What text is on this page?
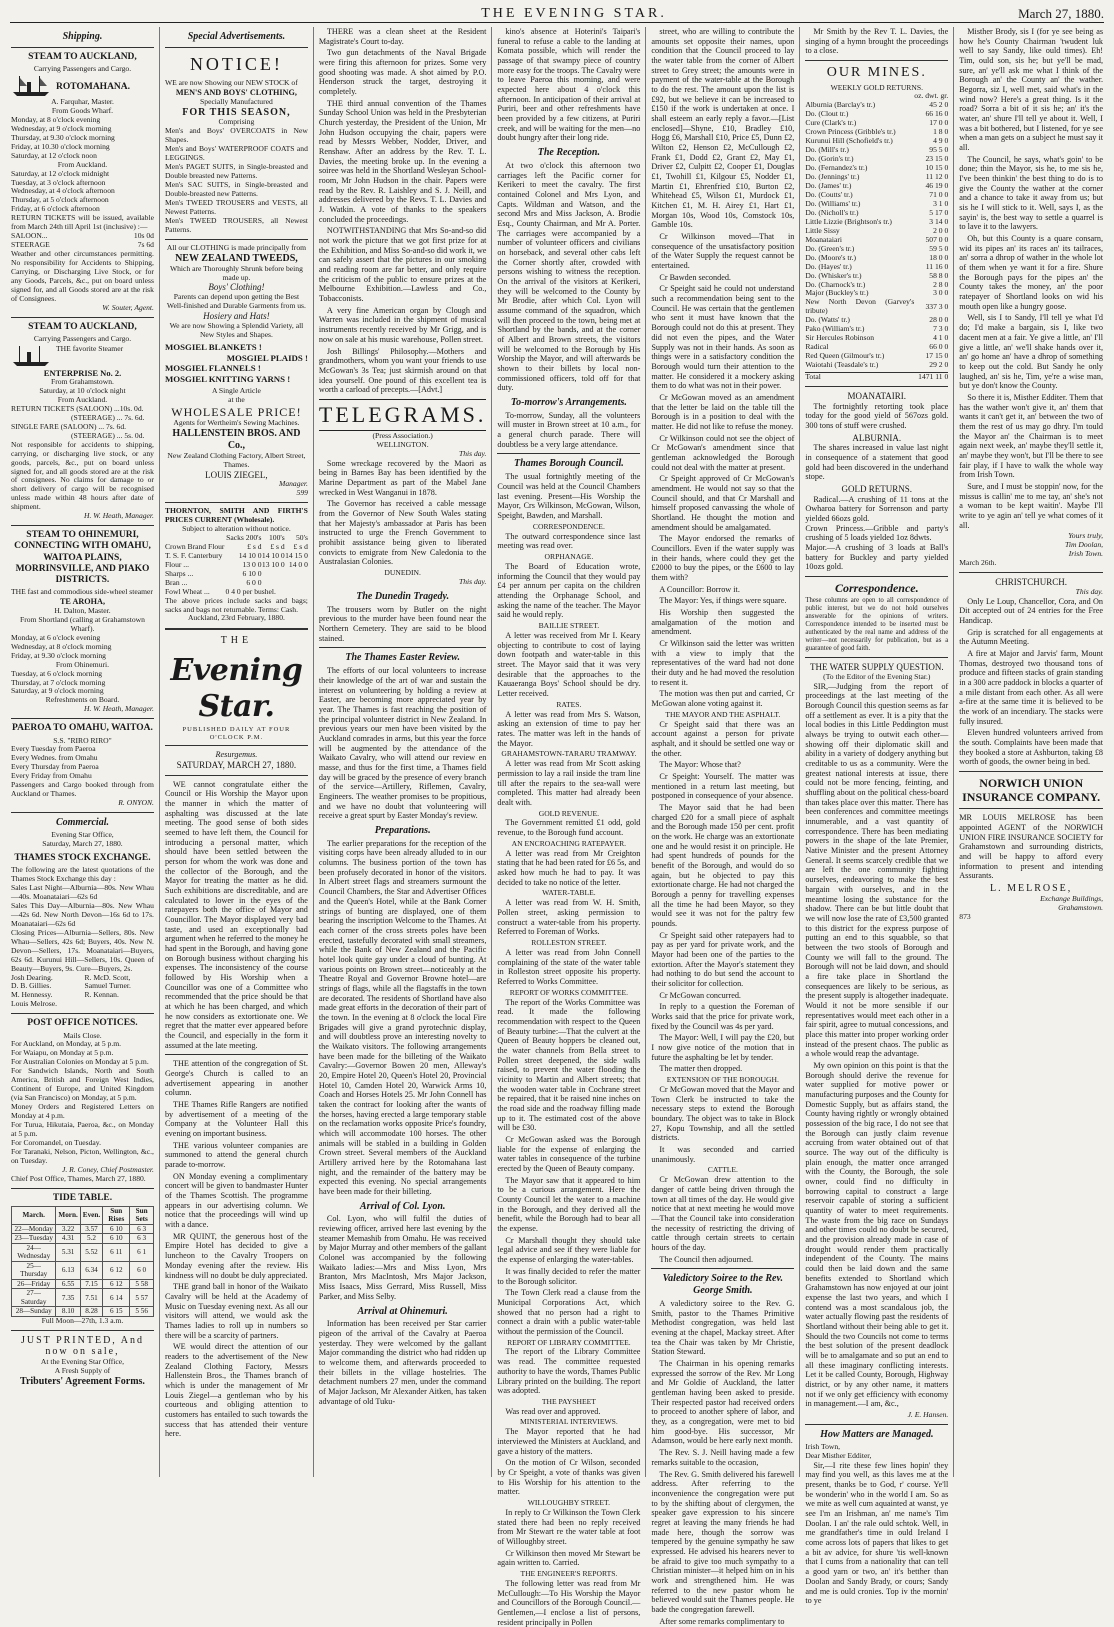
THE EVENING STAR.	March 27, 1880.
Shipping.
STEAM TO AUCKLAND,
Carrying Passengers and Cargo.
ROTOMAHANA.
A. Farquhar, Master.
From Goods Wharf.
Monday, at 8 o'clock evening
Wednesday, at 9 o'clock morning
Thursday, at 9.30 o'clock morning
Friday, at 10.30 o'clock morning
Saturday, at 12 o'clock noon
From Auckland.
Saturday, at 12 o'clock midnight
Tuesday, at 3 o'clock afternoon
Wednesday, at 4 o'clock afternoon
Thursday, at 5 o'clock afternoon
Friday, at 6 o'clock afternoon
RETURN TICKETS will be issued, available from March 24th till April 1st (inclusive) :—
SALOON...	10s 0d
STEERAGE	7s 6d
Weather and other circumstances permitting. No responsibility for Accidents to Shipping, Carrying, or Discharging Live Stock, or for any Goods, Parcels, &c., put on board unless signed for, and all Goods stored are at the risk of Consignees.
W. Souter, Agent.
STEAM TO AUCKLAND,
Carrying Passengers and Cargo.
THE favorite Steamer
ENTERPRISE No. 2.
From Grahamstown.
Saturday, at 10 o'clock night
From Auckland.
RETURN TICKETS (SALOON) ...10s. 0d.
(STEERAGE) ... 7s. 6d.
SINGLE FARE (SALOON) ... 7s. 6d.
(STEERAGE) ... 5s. 0d.
Not responsible for accidents to shipping, carrying, or discharging live stock, or any goods, parcels, &c., put on board unless signed for, and all goods stored are at the risk of consignees. No claims for damage to or short delivery of cargo will be recognised unless made within 48 hours after date of shipment.
H. W. Heath, Manager.
STEAM TO OHINEMURI, CONNECTING WITH OMAHU, WAITOA PLAINS, MORRINSVILLE, AND PIAKO DISTRICTS.
THE fast and commodious side-wheel steamer
TE AROHA,
H. Dalton, Master.
From Shortland (calling at Grahamstown Wharf).
Monday, at 6 o'clock evening
Wednesday, at 8 o'clock morning
Friday, at 9.30 o'clock morning
From Ohinemuri.
Tuesday, at 6 o'clock morning
Thursday, at 7 o'clock morning
Saturday, at 9 o'clock morning
Refreshments on Board.
H. W. Heath, Manager.
PAEROA TO OMAHU, WAITOA.
S.S. "RIRO RIRO"
Every Tuesday from Paeroa
Every Wednes. from Omahu
Every Thursday from Paeroa
Every Friday from Omahu
Passengers and Cargo booked through from Auckland or Thames.
R. ONYON.
Commercial.
Evening Star Office,
Saturday, March 27, 1880.
THAMES STOCK EXCHANGE.
The following are the latest quotations of the Thames Stock Exchange this day :
Sales Last Night—Alburnia—80s. New Whau—40s. Moanataiari—62s 6d
Sales This Day—Alburnia—80s. New Whau—42s 6d. New North Devon—16s 6d to 17s. Moanataiari—62s 6d
Closing Prices—Alburnia—Sellers, 80s. New Whau—Sellers, 42s 6d; Buyers, 40s. New N. Devon—Sellers, 17s. Moanataiari—Buyers, 62s 6d. Kurunui Hill—Sellers, 10s. Queen of Beauty—Buyers, 9s. Cure—Buyers, 2s.
Josh Dearing.
D. B. Gillies.
M. Hennessy.
Louis Melrose.
R. McD. Scott,
Samuel Turner.
R. Kennan.
POST OFFICE NOTICES.
Mails Close.
For Auckland, on Monday, at 5 p.m.
For Waiapu, on Monday at 5 p.m.
For Australian Colonies on Monday at 5 p.m.
For Sandwich Islands, North and South America, British and Foreign West Indies, Continent of Europe, and United Kingdom (via San Francisco) on Monday, at 5 p.m.
Money Orders and Registered Letters on Monday at 4 p.m.
For Turua, Hikutaia, Paeroa, &c., on Monday at 5 p.m.
For Coromandel, on Tuesday.
For Taranaki, Nelson, Picton, Wellington, &c., on Tuesday.
J. R. Coney, Chief Postmaster.
Chief Post Office, Thames, March 27, 1880.
TIDE TABLE.
March.	Morn.	Even.	Sun Rises	Sun Sets
22—Monday	3.22	3.57	6 10	6 3
23—Tuesday	4.31	5.2	6 10	6 3
24—Wednesday	5.31	5.52	6 11	6 1
25—Thursday	6.13	6.34	6 12	6 0
26—Friday	6.55	7.15	6 12	5 58
27—Saturday	7.35	7.51	6 14	5 57
28—Sunday	8.10	8.28	6 15	5 56
Full Moon—27th, 1.3 a.m.
JUST PRINTED, And now on sale,
At the Evening Star Office,
A Fresh Supply of
Tributers' Agreement Forms.
Special Advertisements.
NOTICE!
WE are now Showing our NEW STOCK of
MEN'S AND BOYS' CLOTHING,
Specially Manufactured
FOR THIS SEASON,
Comprising
Men's and Boys' OVERCOATS in New Shapes.
Men's and Boys' WATERPROOF COATS and LEGGINGS.
Men's PAGET SUITS, in Single-breasted and Double breasted new Patterns.
Men's SAC SUITS, in Single-breasted and Double-breasted new Patterns.
Men's TWEED TROUSERS and VESTS, all Newest Patterns.
Men's TWEED TROUSERS, all Newest Patterns.
All our CLOTHING is made principally from
NEW ZEALAND TWEEDS,
Which are Thoroughly Shrunk before being made up.
Boys' Clothing!
Parents can depend upon getting the Best Well-finished and Durable Garments from us.
Hosiery and Hats!
We are now Showing a Splendid Variety, all New Styles and Shapes.
MOSGIEL BLANKETS !
MOSGIEL PLAIDS !
MOSGIEL FLANNELS !
MOSGIEL KNITTING YARNS !
A Single Article
at the
WHOLESALE PRICE!
Agents for Wertheim's Sewing Machines.
HALLENSTEIN BROS. AND Co.,
New Zealand Clothing Factory, Albert Street, Thames.
LOUIS ZIEGEL,
Manager.
599
THORNTON, SMITH AND FIRTH'S PRICES CURRENT (Wholesale).
Subject to alteration without notice.
	Sacks 200's	100's	50's
Crown Brand Flour	£ s d	£ s d	£ s d
T. S. F. Canterbury	14 10 0	14 10 0	14 15 0
Flour ...	13 0 0	13 10 0	14 0 0
Sharps ...	6 10 0		
Bran ...	6 0 0		
Fowl Wheat ...	0 4 0 per bushel.		
The above prices include sacks and bags; sacks and bags not returnable. Terms: Cash.
Auckland, 23rd February, 1880.
THE
Evening Star.
PUBLISHED DAILY AT FOUR O'CLOCK P.M.
Resurgemus.
SATURDAY, MARCH 27, 1880.

WE cannot congratulate either the Council or His Worship the Mayor upon the manner in which the matter of asphalting was discussed at the late meeting. The good sense of both sides seemed to have left them, the Council for introducing a personal matter, which should have been settled between the person for whom the work was done and the collector of the Borough, and the Mayor for treating the matter as he did. Such exhibitions are discreditable, and are calculated to lower in the eyes of the ratepayers both the office of Mayor and Councillor. The Mayor displayed very bad taste, and used an exceptionally bad argument when he referred to the money he had spent in the Borough, and having gone on Borough business without charging his expenses. The inconsistency of the course followed by His Worship when a Councillor was one of a Committee who recommended that the price should be that at which he has been charged, and which he now considers as extortionate one. We regret that the matter ever appeared before the Council, and especially in the form it assumed at the late meeting.

THE attention of the congregation of St. George's Church is called to an advertisement appearing in another column.

THE Thames Rifle Rangers are notified by advertisement of a meeting of the Company at the Volunteer Hall this evening on important business.

THE various volunteer companies are summoned to attend the general church parade to-morrow.

ON Monday evening a complimentary concert will be given to bandmaster Hunter of the Thames Scottish. The programme appears in our advertising column. We notice that the proceedings will wind up with a dance.

MR QUINT, the generous host of the Empire Hotel has decided to give a luncheon to the Cavalry Troopers on Monday evening after the review. His kindness will no doubt be duly appreciated.

THE grand ball in honor of the Waikato Cavalry will be held at the Academy of Music on Tuesday evening next. As all our visitors will attend, we would ask the Thames ladies to roll up in numbers so there will be a scarcity of partners.

WE would direct the attention of our readers to the advertisement of the New Zealand Clothing Factory, Messrs Hallenstein Bros., the Thames branch of which is under the management of Mr Louis Ziegel—a gentleman who by his courteous and obliging attention to customers has entailed to such towards the success that has attended their venture here.

THERE was a clean sheet at the Resident Magistrate's Court to-day.

Two gun detachments of the Naval Brigade were firing this afternoon for prizes. Some very good shooting was made. A shot aimed by P.O. Henderson struck the target, destroying it completely.

THE third annual convention of the Thames Sunday School Union was held in the Presbyterian Church yesterday, the President of the Union, Mr John Hudson occupying the chair, papers were read by Messrs Webber, Nodder, Driver, and Renshaw. After an address by the Rev. T. L. Davies, the meeting broke up. In the evening a soiree was held in the Shortland Wesleyan School-room, Mr John Hudson in the chair. Papers were read by the Rev. R. Laishley and S. J. Neill, and addresses delivered by the Revs. T. L. Davies and J. Watkin. A vote of thanks to the speakers concluded the proceedings.

NOTWITHSTANDING that Mrs So-and-so did not work the picture that we got first prize for at the Exhibition, and Miss So-and-so did work it, we can safely assert that the pictures in our smoking and reading room are far better, and only require the criticism of the public to ensure prizes at the Melbourne Exhibition.—Lawless and Co., Tobacconists.

A very fine American organ by Clough and Warren was included in the shipment of musical instruments recently received by Mr Grigg, and is now on sale at his music warehouse, Pollen street.

Josh Billings' Philosophy.—Mothers and grandmothers, whom you want your friends to use McGowan's 3s Tea; just skirmish around on that idea yourself. One pound of this excellent tea is worth a carload of precepts.—[Advt.]

TELEGRAMS.
(Press Association.)
WELLINGTON.
This day.

Some wreckage recovered by the Maori as being in Barnes Bay has been identified by the Marine Department as part of the Mabel Jane wrecked in West Wanganui in 1878.

The Governor has received a cable message from the Governor of New South Wales stating that her Majesty's ambassador at Paris has been instructed to urge the French Government to prohibit assistance being given to liberated convicts to emigrate from New Caledonia to the Australasian Colonies.

DUNEDIN.
This day.
The Dunedin Tragedy.

The trousers worn by Butler on the night previous to the murder have been found near the Northern Cemetery. They are said to be blood stained.

The Thames Easter Review.

The efforts of our local volunteers to increase their knowledge of the art of war and sustain the interest on volunteering by holding a review at Easter, are becoming more appreciated year by year. The Thames is fast reaching the position of the principal volunteer district in New Zealand. In previous years our men have been visited by the Auckland comrades in arms, but this year the force will be augmented by the attendance of the Waikato Cavalry, who will attend our review en masse, and thus for the first time, a Thames field day will be graced by the presence of every branch of the service—Artillery, Riflemen, Cavalry, Engineers. The weather promises to be propitious, and we have no doubt that volunteering will receive a great spurt by Easter Monday's review.

Preparations.

The earlier preparations for the reception of the visiting corps have been already alluded to in our columns. The business portion of the town has been profusely decorated in honor of the visitors. In Albert street flags and streamers surmount the Council Chambers, the Star and Advertiser Offices and the Queen's Hotel, while at the Bank Corner strings of bunting are displayed, one of them bearing the inscription Welcome to the Thames. At each corner of the cross streets poles have been erected, tastefully decorated with small streamers, while the Bank of New Zealand and the Pacific hotel look quite gay under a cloud of bunting. At various points on Brown street—noticeably at the Theatre Royal and Governor Browne hotel—are strings of flags, while all the flagstaffs in the town are decorated. The residents of Shortland have also made great efforts in the decoration of their part of the town. In the evening at 8 o'clock the local Fire Brigades will give a grand pyrotechnic display, and will doubtless prove an interesting novelty to the Waikato visitors. The following arrangements have been made for the billeting of the Waikato Cavalry:—Governor Bowen 20 men, Alleway's 20, Empire Hotel 20, Queen's Hotel 20, Provincial Hotel 10, Camden Hotel 20, Warwick Arms 10, Coach and Horses Hotels 25. Mr John Connell has taken the contract for looking after the wants of the horses, having erected a large temporary stable on the reclamation works opposite Price's foundry, which will accommodate 100 horses. The other animals will be stabled in a building in Golden Crown street. Several members of the Auckland Artillery arrived here by the Rotomahana last night, and the remainder of the battery may be expected this evening. No special arrangements have been made for their billeting.

Arrival of Col. Lyon.

Col. Lyon, who will fulfil the duties of reviewing officer, arrived here last evening by the steamer Memashib from Omahu. He was received by Major Murray and other members of the gallant Colonel was accompanied by the following Waikato ladies:—Mrs and Miss Lyon, Mrs Branton, Mrs MacIntosh, Mrs Major Jackson, Miss Isaacs, Miss Gerrard, Miss Russell, Miss Parker, and Miss Selby.

Arrival at Ohinemuri.

Information has been received per Star carrier pigeon of the arrival of the Cavalry at Paeroa yesterday. They were welcomed by the gallant Major commanding the district who had ridden up to welcome them, and afterwards proceeded to their billets in the village hostelries. The detachment numbers 27 men, under the command of Major Jackson, Mr Alexander Aitken, has taken advantage of old Tuku-

kino's absence at Hoterini's Taipari's funeral to refuse a cable to the landing at Komata possible, which will render the passage of that swampy piece of country more easy for the troops. The Cavalry were to leave Paeroa this morning, and were expected here about 4 o'clock this afternoon. In anticipation of their arrival at Puriri, beer and other refreshments have been provided by a few citizens, at Puriri creek, and will be waiting for the men—no doubt hungry after their long ride.

The Reception.

At two o'clock this afternoon two carriages left the Pacific corner for Kerikeri to meet the cavalry. The first contained Colonel and Mrs Lyon, and Capts. Wildman and Watson, and the second Mrs and Miss Jackson, A. Brodie Esq., County Chairman, and Mr A. Porter. The carriages were accompanied by a number of volunteer officers and civilians on horseback, and several other cabs left the Corner shortly after, crowded with persons wishing to witness the reception. On the arrival of the visitors at Kerikeri, they will be welcomed to the County by Mr Brodie, after which Col. Lyon will assume command of the squadron, which will then proceed to the town, being met at Shortland by the bands, and at the corner of Albert and Brown streets, the visitors will be welcomed to the Borough by His Worship the Mayor, and will afterwards be shown to their billets by local non-commissioned officers, told off for that duty.

To-morrow's Arrangements.

To-morrow, Sunday, all the volunteers will muster in Brown street at 10 a.m., for a general church parade. There will doubtless be a very large attendance.

Thames Borough Council.

The usual fortnightly meeting of the Council was held at the Council Chambers last evening. Present—His Worship the Mayor, Crs Wilkinson, McGowan, Wilson, Speight, Bawden, and Marshall.

CORRESPONDENCE.

The outward correspondence since last meeting was read over.

ORPHANAGE.

The Board of Education wrote, informing the Council that they would pay £4 per annum per capita on the children attending the Orphanage School, and asking the name of the teacher. The Mayor said he would reply.

BAILLIE STREET.

A letter was received from Mr I. Keary objecting to contribute to cost of laying down footpath and water-table in this street. The Mayor said that it was very desirable that the approaches to the Kauaeranga Boys' School should be dry. Letter received.

RATES.

A letter was read from Mrs S. Watson, asking an extension of time to pay her rates. The matter was left in the hands of the Mayor.

GRAHAMSTOWN-TARARU TRAMWAY.

A letter was read from Mr Scott asking permission to lay a rail inside the tram line till after the repairs to the sea-wall were completed. This matter had already been dealt with.

GOLD REVENUE.

The Government remitted £1 odd, gold revenue, to the Borough fund account.

AN ENCROACHING RATEPAYER.

A letter was read from Mr Creighton stating that he had been rated for £6 5s, and asked how much he had to pay. It was decided to take no notice of the letter.

WATER-TABLE.

A letter was read from W. H. Smith, Pollen street, asking permission to construct a water-table from his property. Referred to Foreman of Works.

ROLLESTON STREET.

A letter was read from John Connell complaining of the state of the water table in Rolleston street opposite his property. Referred to Works Committee.

REPORT OF WORKS COMMITTEE.

The report of the Works Committee was read. It made the following recommendation with respect to the Queen of Beauty turbine:—That the culvert at the Queen of Beauty hoppers be cleaned out, the water channels from Bella street to Pollen street deepened, the side walls raised, to prevent the water flooding the vicinity to Martin and Albert streets; that the wooden water table in Cochrane street be repaired, that it be raised nine inches on the road side and the roadway filling made up to it. The estimated cost of the above will be £30.

Cr McGowan asked was the Borough liable for the expense of enlarging the water tables in consequence of the turbine erected by the Queen of Beauty company.

The Mayor saw that it appeared to him to be a curious arrangement. Here the County Council let the water to a machine in the Borough, and they derived all the benefit, while the Borough had to bear all the expense.

Cr Marshall thought they should take legal advice and see if they were liable for the expense of enlarging the water-tables.

It was finally decided to refer the matter to the Borough solicitor.

The Town Clerk read a clause from the Municipal Corporations Act, which showed that no person had a right to connect a drain with a public water-table without the permission of the Council.

REPORT OF LIBRARY COMMITTEE.

The report of the Library Committee was read. The committee requested authority to have the words, Thames Public Library printed on the building. The report was adopted.

THE PAYSHEET

Was read over and approved.

MINISTERIAL INTERVIEWS.

The Mayor reported that he had interviewed the Ministers at Auckland, and gave a history of the matters.

On the motion of Cr Wilson, seconded by Cr Speight, a vote of thanks was given to His Worship for his attention to the matter.

WILLOUGHBY STREET.

In reply to Cr Wilkinson the Town Clerk stated there had been no reply received from Mr Stewart re the water table at foot of Willoughby street.

Cr Wilkinson then moved Mr Stewart be again written to. Carried.

THE ENGINEER'S REPORTS.

The following letter was read from Mr McCullough:—To His Worship the Mayor and Councillors of the Borough Council.—Gentlemen,—I enclose a list of persons, resident principally in Pollen

street, who are willing to contribute the amounts set opposite their names, upon condition that the Council proceed to lay the water table from the corner of Albert street to Grey street; the amounts were in payment of the water-table at the Borough to do the rest. The amount upon the list is £92, but we believe it can be increased to £150 if the work is undertaken at once. I shall esteem an early reply a favor.—[List enclosed]—Shyne, £10, Bradley £10, Hogg £6, Marshall £10, Price £5, Dunn £2, Wilton £2, Henson £2, McCullough £2, Frank £1, Dodd £2, Grant £2, May £1, Driver £2, Culpitt £2, Cooper £1, Douglas £1, Twohill £1, Kilgour £5, Nodder £1, Martin £1, Ehrenfried £10, Burton £2, Whitehead £5, Wilson £1, Murdock £1, Kitchen £1, M. H. Airey £1, Hart £1, Morgan 10s, Wood 10s, Comstock 10s, Gamble 10s.

Cr Wilkinson moved—That in consequence of the unsatisfactory position of the Water Supply the request cannot be entertained.

Cr Bawden seconded.

Cr Speight said he could not understand such a recommendation being sent to the Council. He was certain that the gentlemen who sent it must have known that the Borough could not do this at present. They did not even the pipes, and the Water Supply was not in their hands. As soon as things were in a satisfactory condition the Borough would turn their attention to the matter. He considered it a mockery asking them to do what was not in their power.

Cr McGowan moved as an amendment that the letter be laid on the table till the Borough is in a position to deal with the matter. He did not like to refuse the money.

Cr Wilkinson could not see the object of Cr McGowan's amendment since that gentleman acknowledged the Borough could not deal with the matter at present.

Cr Speight approved of Cr McGowan's amendment. He would not say so that the Council should, and that Cr Marshall and himself proposed canvassing the whole of Shortland. He thought the motion and amendment should be amalgamated.

The Mayor endorsed the remarks of Councillors. Even if the water supply was in their hands, where could they get the £2000 to buy the pipes, or the £600 to lay them with?

A Councillor: Borrow it.

The Mayor: Yes, if things were square.

His Worship then suggested the amalgamation of the motion and amendment.

Cr Wilkinson said the letter was written with a view to imply that the representatives of the ward had not done their duty and he had moved the resolution to resent it.

The motion was then put and carried, Cr McGowan alone voting against it.

THE MAYOR AND THE ASPHALT.

Cr Speight said that there was an account against a person for private asphalt, and it should be settled one way or the other.

The Mayor: Whose that?

Cr Speight: Yourself. The matter was mentioned in a return last meeting, but postponed in consequence of your absence.

The Mayor said that he had been charged £20 for a small piece of asphalt and the Borough made 150 per cent. profit on the work. He charge was an extortionate one and he would resist it on principle. He had spent hundreds of pounds for the benefit of the Borough, and would do so again, but he objected to pay this extortionate charge. He had not charged the Borough a penny for travelling expenses all the time he had been Mayor, so they would see it was not for the paltry few pounds.

Cr Speight said other ratepayers had to pay as per yard for private work, and the Mayor had been one of the parties to the extortion. After the Mayor's statement they had nothing to do but send the account to their solicitor for collection.

Cr McGowan concurred.

In reply to a question the Foreman of Works said that the price for private work, fixed by the Council was 4s per yard.

The Mayor: Well, I will pay the £20, but I now give notice of the motion that in future the asphalting be let by tender.

The matter then dropped.

EXTENSION OF THE BOROUGH.

Cr McGowan moved that the Mayor and Town Clerk be instructed to take the necessary steps to extend the Borough boundary. The object was to take in Block 27, Kopu Township, and all the settled districts.

It was seconded and carried unanimously.

CATTLE.

Cr McGowan drew attention to the danger of cattle being driven through the town at all times of the day. He would give notice that at next meeting he would move—That the Council take into consideration the necessity of restricting the driving of cattle through certain streets to certain hours of the day.

The Council then adjourned.

Valedictory Soiree to the Rev. George Smith.

A valedictory soiree to the Rev. G. Smith, pastor to the Thames Primitive Methodist congregation, was held last evening at the chapel, Mackay street. After tea the Chair was taken by Mr Christie, Station Steward.

The Chairman in his opening remarks expressed the sorrow of the Rev. Mr Long and Mr Goldie of Auckland, the latter gentleman having been asked to preside. Their respected pastor had received orders to proceed to another sphere of labor, and they, as a congregation, were met to bid him good-bye. His successor, Mr Adamson, would be here early next month.

The Rev. S. J. Neill having made a few remarks suitable to the occasion,

The Rev. G. Smith delivered his farewell address. After referring to the inconvenience the congregation were put to by the shifting about of clergymen, the speaker gave expression to his sincere regret at leaving the many friends he had made here, though the sorrow was tempered by the genuine sympathy he saw expressed. He advised his hearers never to be afraid to give too much sympathy to a Christian minister—it helped him on in his work and strengthened him. He was referred to the new pastor whom he believed would suit the Thames people. He bade the congregation farewell.

After some remarks complimentary to

Mr Smith by the Rev T. L. Davies, the singing of a hymn brought the proceedings to a close.

OUR MINES.
WEEKLY GOLD RETURNS.
	oz. dwt. gr.
Alburnia (Barclay's tr.)	45 2 0
Do. (Clout tr.)	66 16 0
Cure (Clark's tr.)	17 0 0
Crown Princess (Gribble's tr.)	1 8 0
Kurunui Hill (Schofield's tr.)	4 9 0
Do. (Mill's tr.)	95 5 0
Do. (Gorin's tr.)	23 15 0
Do. (Fernandez's tr.)	10 15 0
Do. (Jennings' tr.)	11 12 0
Do. (James' tr.)	46 19 0
Do. (Coutts' tr.)	71 0 0
Do. (Williams' tr.)	3 1 0
Do. (Nicholl's tr.)	5 17 0
Little Lizzie (Brightson's tr.)	3 14 0
Little Sissy	2 0 0
Moanataiari	507 0 0
Do. (Green's tr.)	59 5 0
Do. (Moore's tr.)	18 0 0
Do. (Hayes' tr.)	11 16 0
Do. (Whisker's tr.)	58 8 0
Do. (Charnock's tr.)	2 8 0
Major (Buckley's tr.)	3 0 0
New North Devon (Garvey's tribute)	337 3 0
Do. (Watts' tr.)	28 0 0
Pako (William's tr.)	7 3 0
Sir Hercules Robinson	4 1 0
Radical	66 0 0
Red Queen (Gilmour's tr.)	17 15 0
Waiotahi (Teasdale's tr.)	29 2 0
Total	1471 11 0
MOANATAIRI.

The fortnightly retorting took place today for the good yield of 567ozs gold. 300 tons of stuff were crushed.

ALBURNIA.

The shares increased in value last night in consequence of a statement that good gold had been discovered in the underhand stope.

GOLD RETURNS.

Radical.—A crushing of 11 tons at the Owharoa battery for Sorrenson and party yielded 66ozs gold.
Crown Princess.—Gribble and party's crushing of 5 loads yielded 1oz 8dwts.
Major.—A crushing of 3 loads at Ball's battery for Buckley and party yielded 10ozs gold.

Correspondence.
These columns are open to all correspondence of public interest, but we do not hold ourselves answerable for the opinions of writers. Correspondence intended to be inserted must be authenticated by the real name and address of the writer—not necessarily for publication, but as a guarantee of good faith.
THE WATER SUPPLY QUESTION.
(To the Editor of the Evening Star.)

SIR,—Judging from the report of proceedings at the last meeting of the Borough Council this question seems as far off a settlement as ever. It is a pity that the local bodies in this Little Peddington must always be trying to outwit each other—showing off their diplomatic skill and ability in a variety of dodgery anything but creditable to us as a community. Were the greatest national interests at issue, there could not be more fencing, feinting, and shuffling about on the political chess-board than takes place over this matter. There has been conferences and committee meetings innumerable, and a vast quantity of correspondence. There has been mediating powers in the shape of the late Premier, Native Minister and the present Attorney General. It seems scarcely credible that we are left the one community fighting ourselves, endeavoring to make the best bargain with ourselves, and in the meantime losing the substance for the shadow. There can be but little doubt that we will now lose the rate of £3,500 granted to this district for the express purpose of putting an end to this squabble, so that between the two stools of Borough and County we will fall to the ground. The Borough will not be laid down, and should a fire take place in Shortland the consequences are likely to be serious, as the present supply is altogether inadequate. Would it not be more sensible if our representatives would meet each other in a fair spirit, agree to mutual concessions, and place this matter into proper working order instead of the present chaos. The public as a whole would reap the advantage.

My own opinion on this point is that the Borough should derive the revenue for water supplied for motive power or manufacturing purposes and the County for Domestic Supply, but as affairs stand, the County having rightly or wrongly obtained possession of the big race, I do not see that the Borough can justly claim revenue accruing from water obtained out of that source. The way out of the difficulty is plain enough, the matter once arranged with the County, the Borough, the sole owner, could find no difficulty in borrowing capital to construct a large reservoir capable of storing a sufficient quantity of water to meet requirements. The waste from the big race on Sundays and other times could no doubt be secured, and the provision already made in case of drought would render them practically independent of the County. The mains could then be laid down and the same benefits extended to Shortland which Grahamstown has now enjoyed at our joint expense the last two years, and which I contend was a most scandalous job, the water actually flowing past the residents of Shortland without their being able to get it. Should the two Councils not come to terms the best solution of the present deadlock will be to amalgamate and so put an end to all these imaginary conflicting interests. Let it be called County, Borough, Highway district, or by any other name, it matters not if we only get efficiency with economy in management.—I am, &c.,

J. E. Hansen.
How Matters are Managed.
Irish Town,
Dear Misther Edditer,

Sir,—I rite these few lines hopin' they may find you well, as this laves me at the present, thanks be to God, r' course. Ye'll be wonderin' who in the world I am. So as we mite as well cum aquainted at wanst, ye see I'm an Irishman, an' me name's Tim Doolan. I an' the rale ould schtok. Well, in me grandfather's time in ould Ireland I come across lots of papers that likes to get a bit av advice, for shure 'tis well-known that I cums from a nationality that can tell a good yarn or two, an' it's betther than Doolan and Sandy Brady, or cours; Sandy and me is ould cronies. Top iv the mornin' to ye

Misther Brody, sis I (for ye see being as how he's County Chairman 'twudent luk well to say Sandy, like ould times). Eh! Tim, ould son, sis he; but ye'll be mad, sure, an' ye'll ask me what I think of the Borough an' the County an' the wather. Begorra, siz I, well met, said what's in the wind now? Here's a great thing. Is it the road? Sorra a bit of it sis he; an' it's the water, an' shure I'll tell ye about it. Well, I was a bit bothered, but I listened, for ye see when a man gets on a subject he must say it all.

The Council, he says, what's goin' to be done; thin the Mayor, sis he, to me sis he, I've been thinkin' the best thing to do is to give the County the wather at the corner and a chance to take it away from us; but sis he I will stick to it. Well, says I, as the sayin' is, the best way to settle a quarrel is to lave it to the lawyers.

Oh, but this County is a quare consarn, wid its pipes an' its races an' its tailraces, an' sorra a dhrop of wather in the whole lot of them when ye want it for a fire. Shure the Borough pays for the pipes an' the County takes the money, an' the poor ratepayer of Shortland looks on wid his mouth open like a hungry goose.

Well, sis I to Sandy, I'll tell ye what I'd do; I'd make a bargain, sis I, like two dacent men at a fair. Ye give a little, an' I'll give a little, an' we'll shake hands over it, an' go home an' have a dhrop of something to keep out the cold. But Sandy he only laughed, an' sis he, Tim, ye're a wise man, but ye don't know the County.

So there it is, Misther Edditer. Them that has the wather won't give it, an' them that wants it can't get it, an' between the two of them the rest of us may go dhry. I'm tould the Mayor an' the Chairman is to meet again next week, an' maybe they'll settle it, an' maybe they won't, but I'll be there to see fair play, if I have to walk the whole way from Irish Town.

Sure, and I must be stoppin' now, for the missus is callin' me to me tay, an' she's not a woman to be kept waitin'. Maybe I'll write to ye agin an' tell ye what comes of it all.

Yours truly,
Tim Doolan,
Irish Town.
March 26th.
CHRISTCHURCH.
This day.

Only Le Loup, Chancellor, Cora, and On Dit accepted out of 24 entries for the Free Handicap.

Grip is scratched for all engagements at the Autumn Meeting.

A fire at Major and Jarvis' farm, Mount Thomas, destroyed two thousand tons of produce and fifteen stacks of grain standing in a 300 acre paddock in blocks a quarter of a mile distant from each other. As all were a-fire at the same time it is believed to be the work of an incendiary. The stacks were fully insured.

Eleven hundred volunteers arrived from the south. Complaints have been made that they booked a store at Ashburton, taking £8 worth of goods, the owner being in bed.

NORWICH UNION INSURANCE COMPANY.

MR LOUIS MELROSE has been appointed AGENT of the NORWICH UNION FIRE INSURANCE SOCIETY for Grahamstown and surrounding districts, and will be happy to afford every information to present and intending Assurants.

L. MELROSE,
Exchange Buildings,
Grahamstown.
873
